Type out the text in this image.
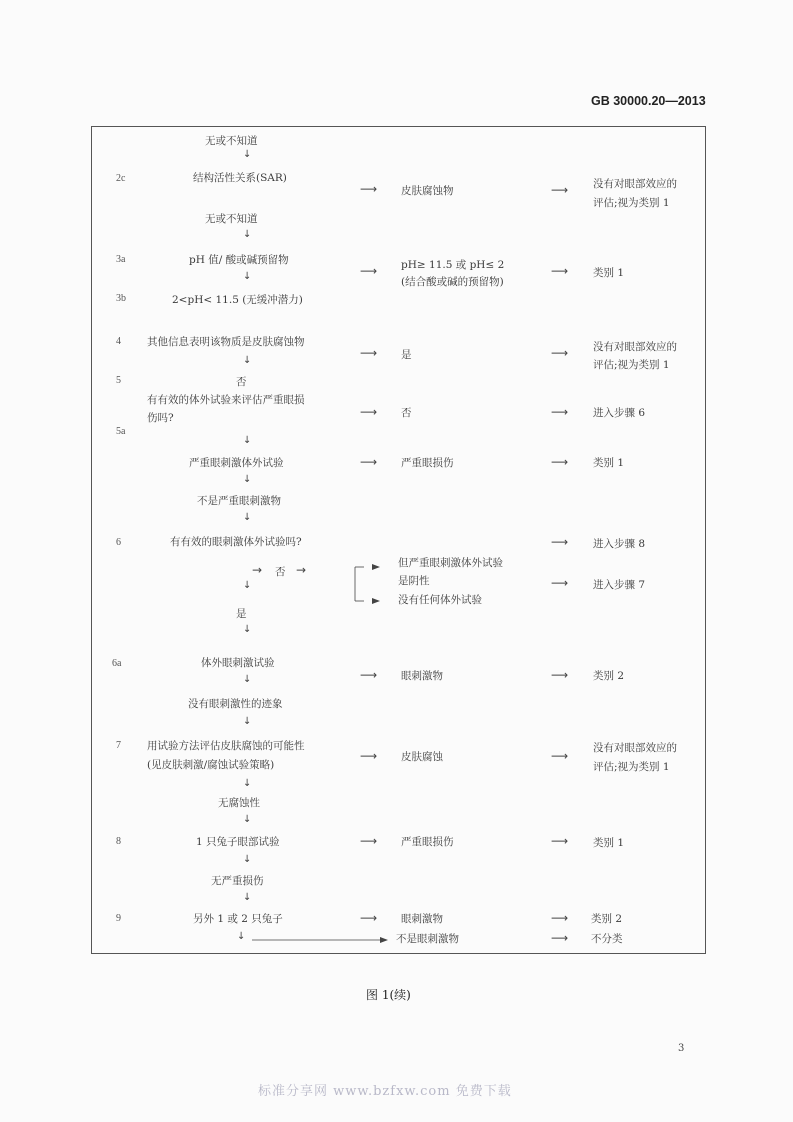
GB 30000.20—2013
2c
3a
3b
4
5
5a
6
6a
7
8
9
无或不知道
↓
结构活性关系(SAR)
无或不知道
↓
pH 值/ 酸或碱预留物
↓
2<pH< 11.5 (无缓冲潜力)
其他信息表明该物质是皮肤腐蚀物
↓
否
有有效的体外试验来评估严重眼损
伤吗?
↓
严重眼刺激体外试验
↓
不是严重眼刺激物
↓
有有效的眼刺激体外试验吗?
↓
→ 否 →
是
↓
体外眼刺激试验
↓
没有眼刺激性的迹象
↓
用试验方法评估皮肤腐蚀的可能性
(见皮肤刺激/腐蚀试验策略)
↓
无腐蚀性
↓
1 只兔子眼部试验
↓
无严重损伤
↓
另外 1 或 2 只兔子
↓
⟶
⟶
⟶
⟶
⟶
⟶
⟶
⟶
⟶
皮肤腐蚀物
pH≥ 11.5 或 pH≤ 2
(结合酸或碱的预留物)
是
否
严重眼损伤
但严重眼刺激体外试验
是阴性
没有任何体外试验
眼刺激物
皮肤腐蚀
严重眼损伤
眼刺激物
不是眼刺激物
⟶
⟶
⟶
⟶
⟶
⟶
⟶
⟶
⟶
⟶
⟶
⟶
没有对眼部效应的
评估;视为类别 1
类别 1
没有对眼部效应的
评估;视为类别 1
进入步骤 6
类别 1
进入步骤 8
进入步骤 7
类别 2
没有对眼部效应的
评估;视为类别 1
类别 1
类别 2
不分类
图 1(续)
3
标准分享网 www.bzfxw.com 免费下载
